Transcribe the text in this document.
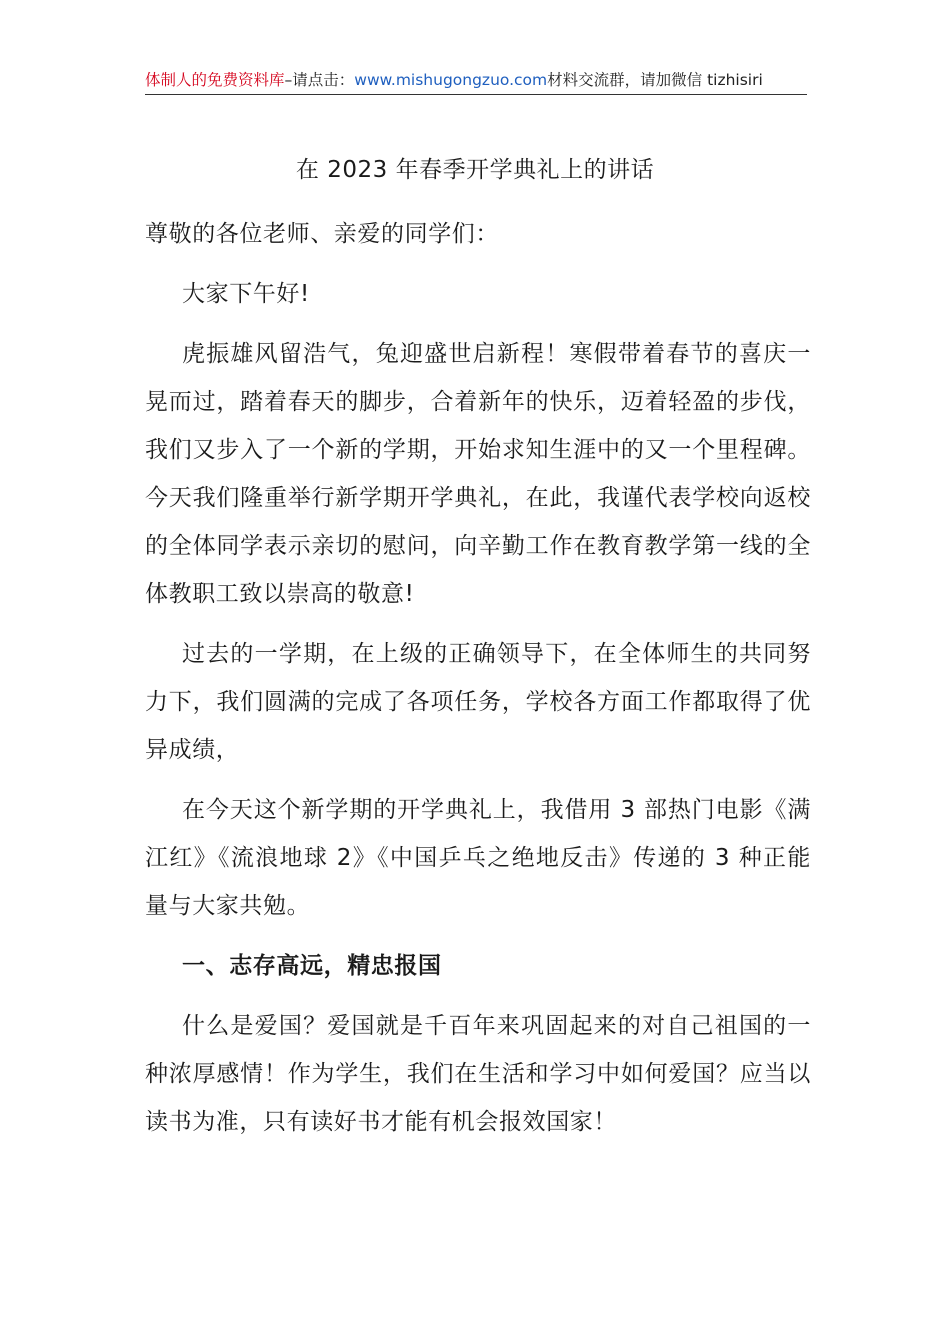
体制人的免费资料库–请点击：www.mishugongzuo.com材料交流群，请加微信 tizhisiri
在 2023 年春季开学典礼上的讲话

尊敬的各位老师、亲爱的同学们：

大家下午好!

虎振雄风留浩气，兔迎盛世启新程！寒假带着春节的喜庆一晃而过，踏着春天的脚步，合着新年的快乐，迈着轻盈的步伐，我们又步入了一个新的学期，开始求知生涯中的又一个里程碑。今天我们隆重举行新学期开学典礼，在此，我谨代表学校向返校的全体同学表示亲切的慰问，向辛勤工作在教育教学第一线的全体教职工致以崇高的敬意!

过去的一学期，在上级的正确领导下，在全体师生的共同努力下，我们圆满的完成了各项任务，学校各方面工作都取得了优异成绩，

在今天这个新学期的开学典礼上，我借用 3 部热门电影《满江红》《流浪地球 2》《中国乒乓之绝地反击》传递的 3 种正能量与大家共勉。

一、志存高远，精忠报国

什么是爱国？爱国就是千百年来巩固起来的对自己祖国的一种浓厚感情！作为学生，我们在生活和学习中如何爱国？应当以读书为准，只有读好书才能有机会报效国家！
